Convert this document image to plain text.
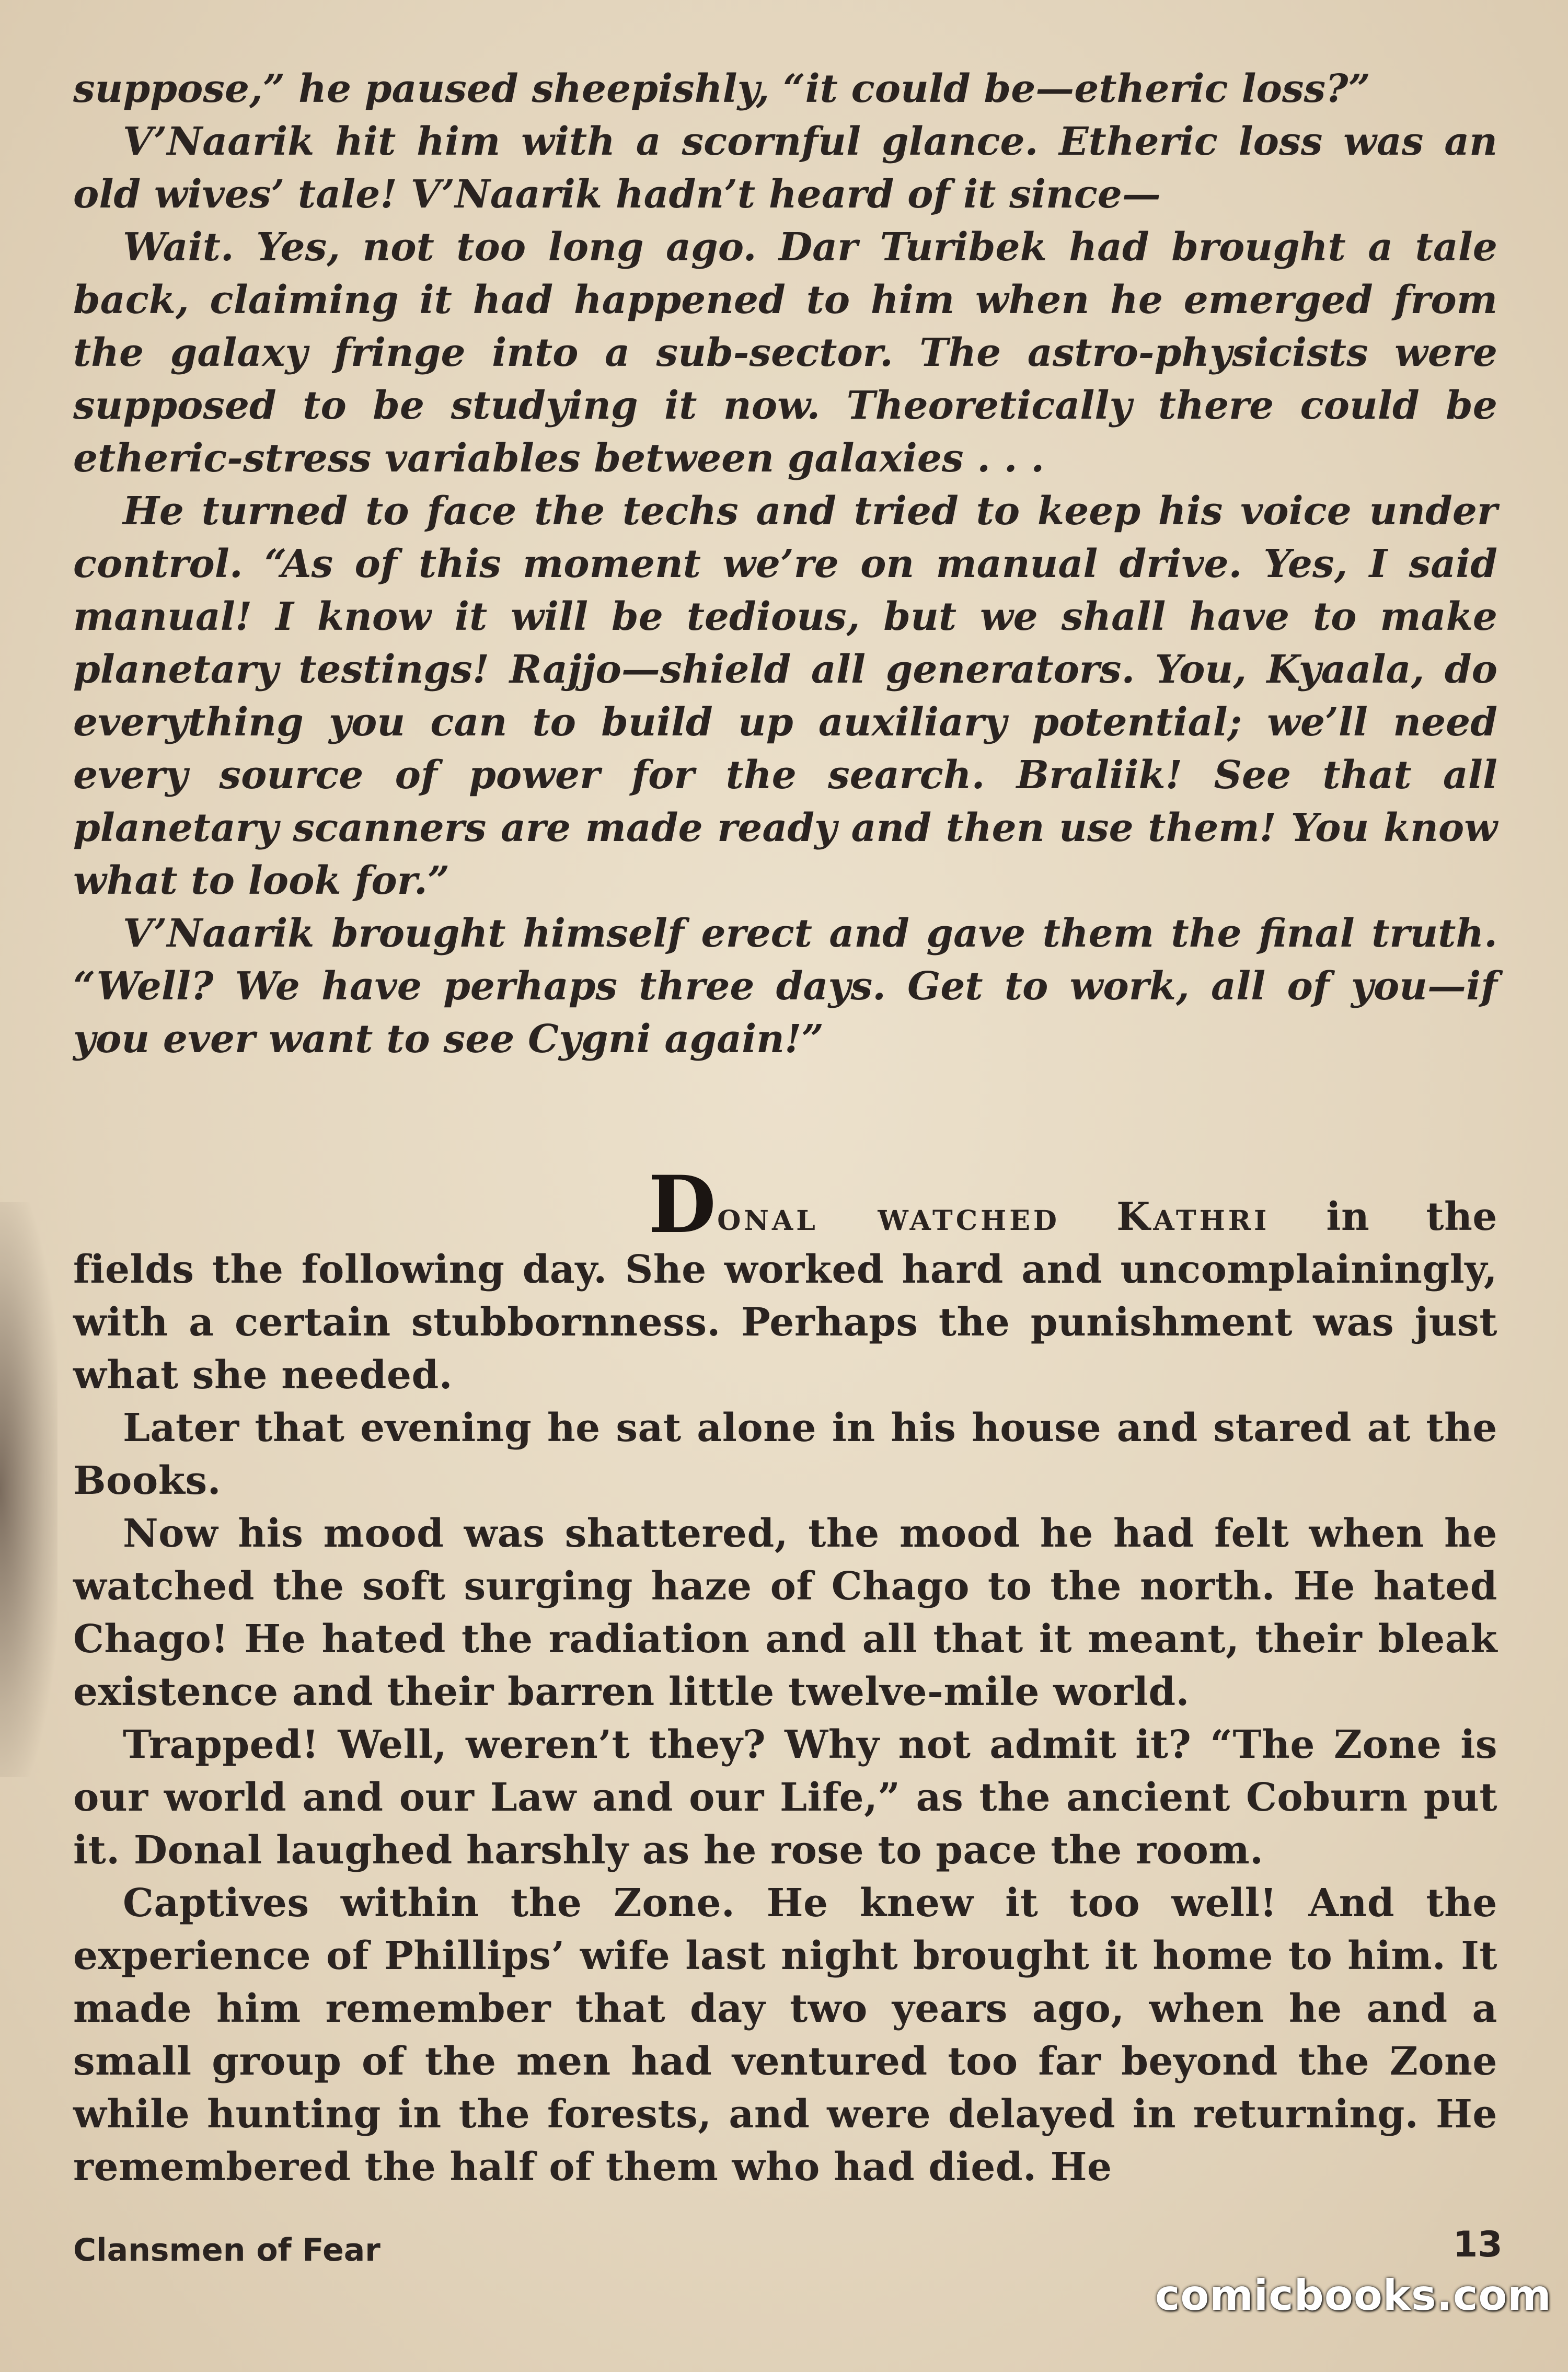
suppose,” he paused sheepishly, “it could be—etheric loss?”

V’Naarik hit him with a scornful glance. Etheric loss was an old wives’ tale! V’Naarik hadn’t heard of it since—

Wait. Yes, not too long ago. Dar Turibek had brought a tale back, claiming it had happened to him when he emerged from the galaxy fringe into a sub-sector. The astro-physicists were supposed to be studying it now. Theoretically there could be etheric-stress variables between galaxies . . .

He turned to face the techs and tried to keep his voice under control. “As of this moment we’re on manual drive. Yes, I said manual! I know it will be tedious, but we shall have to make planetary testings! Rajjo—shield all generators. You, Kyaala, do everything you can to build up auxiliary potential; we’ll need every source of power for the search. Braliik! See that all planetary scanners are made ready and then use them! You know what to look for.”

V’Naarik brought himself erect and gave them the final truth. “Well? We have perhaps three days. Get to work, all of you—if you ever want to see Cygni again!”

Donal watched Kathri in the
fields the following day. She worked hard and uncomplainingly, with a certain stubbornness. Perhaps the punishment was just what she needed.

Later that evening he sat alone in his house and stared at the Books.

Now his mood was shattered, the mood he had felt when he watched the soft surging haze of Chago to the north. He hated Chago! He hated the radiation and all that it meant, their bleak existence and their barren little twelve-mile world.

Trapped! Well, weren’t they? Why not admit it? “The Zone is our world and our Law and our Life,” as the ancient Coburn put it. Donal laughed harshly as he rose to pace the room.

Captives within the Zone. He knew it too well! And the experience of Phillips’ wife last night brought it home to him. It made him remember that day two years ago, when he and a small group of the men had ventured too far beyond the Zone while hunting in the forests, and were delayed in returning. He remembered the half of them who had died. He

Clansmen of Fear	13
comicbooks.com
